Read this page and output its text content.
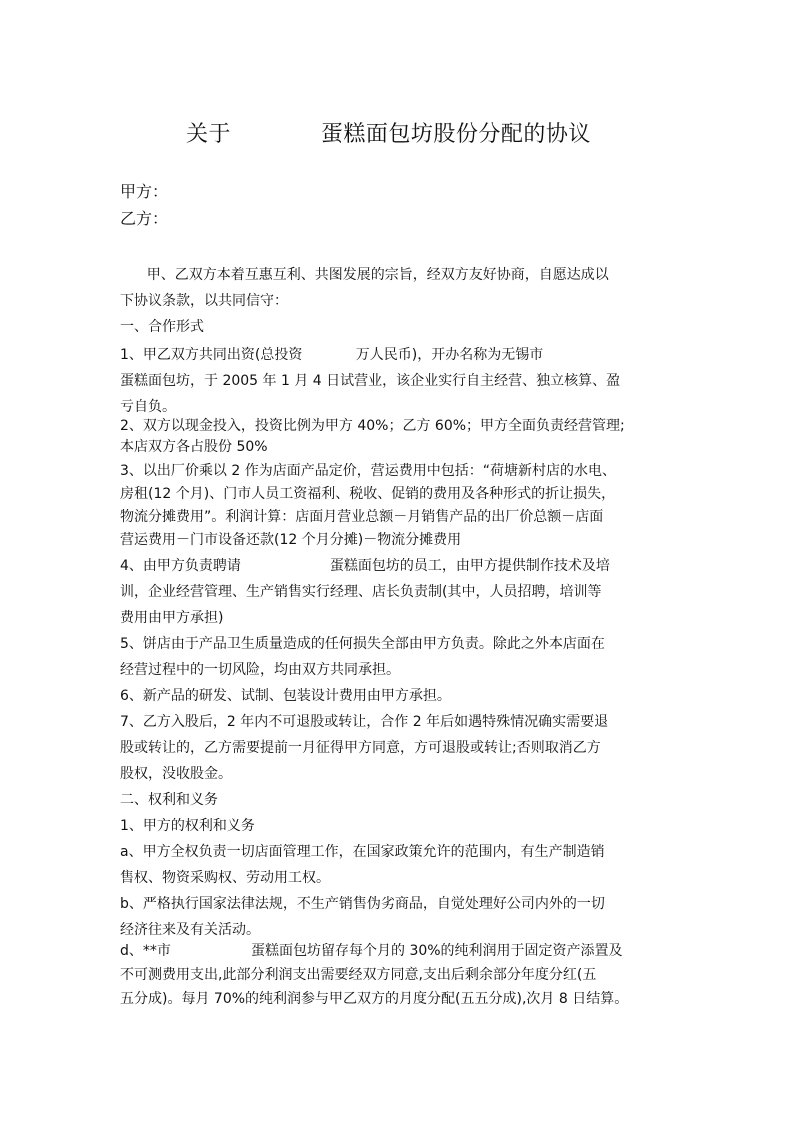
关于            蛋糕面包坊股份分配的协议
甲方：
乙方：
甲、乙双方本着互惠互利、共图发展的宗旨，经双方友好协商，自愿达成以
下协议条款，以共同信守：
一、合作形式
1、甲乙双方共同出资(总投资            万人民币)，开办名称为无锡市
蛋糕面包坊，于 2005 年 1 月 4 日试营业，该企业实行自主经营、独立核算、盈
亏自负。
2、双方以现金投入，投资比例为甲方 40%；乙方 60%；甲方全面负责经营管理;
本店双方各占股份 50%
3、以出厂价乘以 2 作为店面产品定价，营运费用中包括：“荷塘新村店的水电、
房租(12 个月)、门市人员工资福利、税收、促销的费用及各种形式的折让损失，
物流分摊费用”。利润计算：店面月营业总额－月销售产品的出厂价总额－店面
营运费用－门市设备还款(12 个月分摊)－物流分摊费用
4、由甲方负责聘请                    蛋糕面包坊的员工，由甲方提供制作技术及培
训，企业经营管理、生产销售实行经理、店长负责制(其中，人员招聘，培训等
费用由甲方承担)
5、饼店由于产品卫生质量造成的任何损失全部由甲方负责。除此之外本店面在
经营过程中的一切风险，均由双方共同承担。
6、新产品的研发、试制、包装设计费用由甲方承担。
7、乙方入股后，2 年内不可退股或转让，合作 2 年后如遇特殊情况确实需要退
股或转让的，乙方需要提前一月征得甲方同意，方可退股或转让;否则取消乙方
股权，没收股金。
二、权利和义务
1、甲方的权利和义务
a、甲方全权负责一切店面管理工作，在国家政策允许的范围内，有生产制造销
售权、物资采购权、劳动用工权。
b、严格执行国家法律法规，不生产销售伪劣商品，自觉处理好公司内外的一切
经济往来及有关活动。
d、**市                  蛋糕面包坊留存每个月的 30%的纯利润用于固定资产添置及
不可测费用支出,此部分利润支出需要经双方同意,支出后剩余部分年度分红(五
五分成)。每月 70%的纯利润参与甲乙双方的月度分配(五五分成),次月 8 日结算。
